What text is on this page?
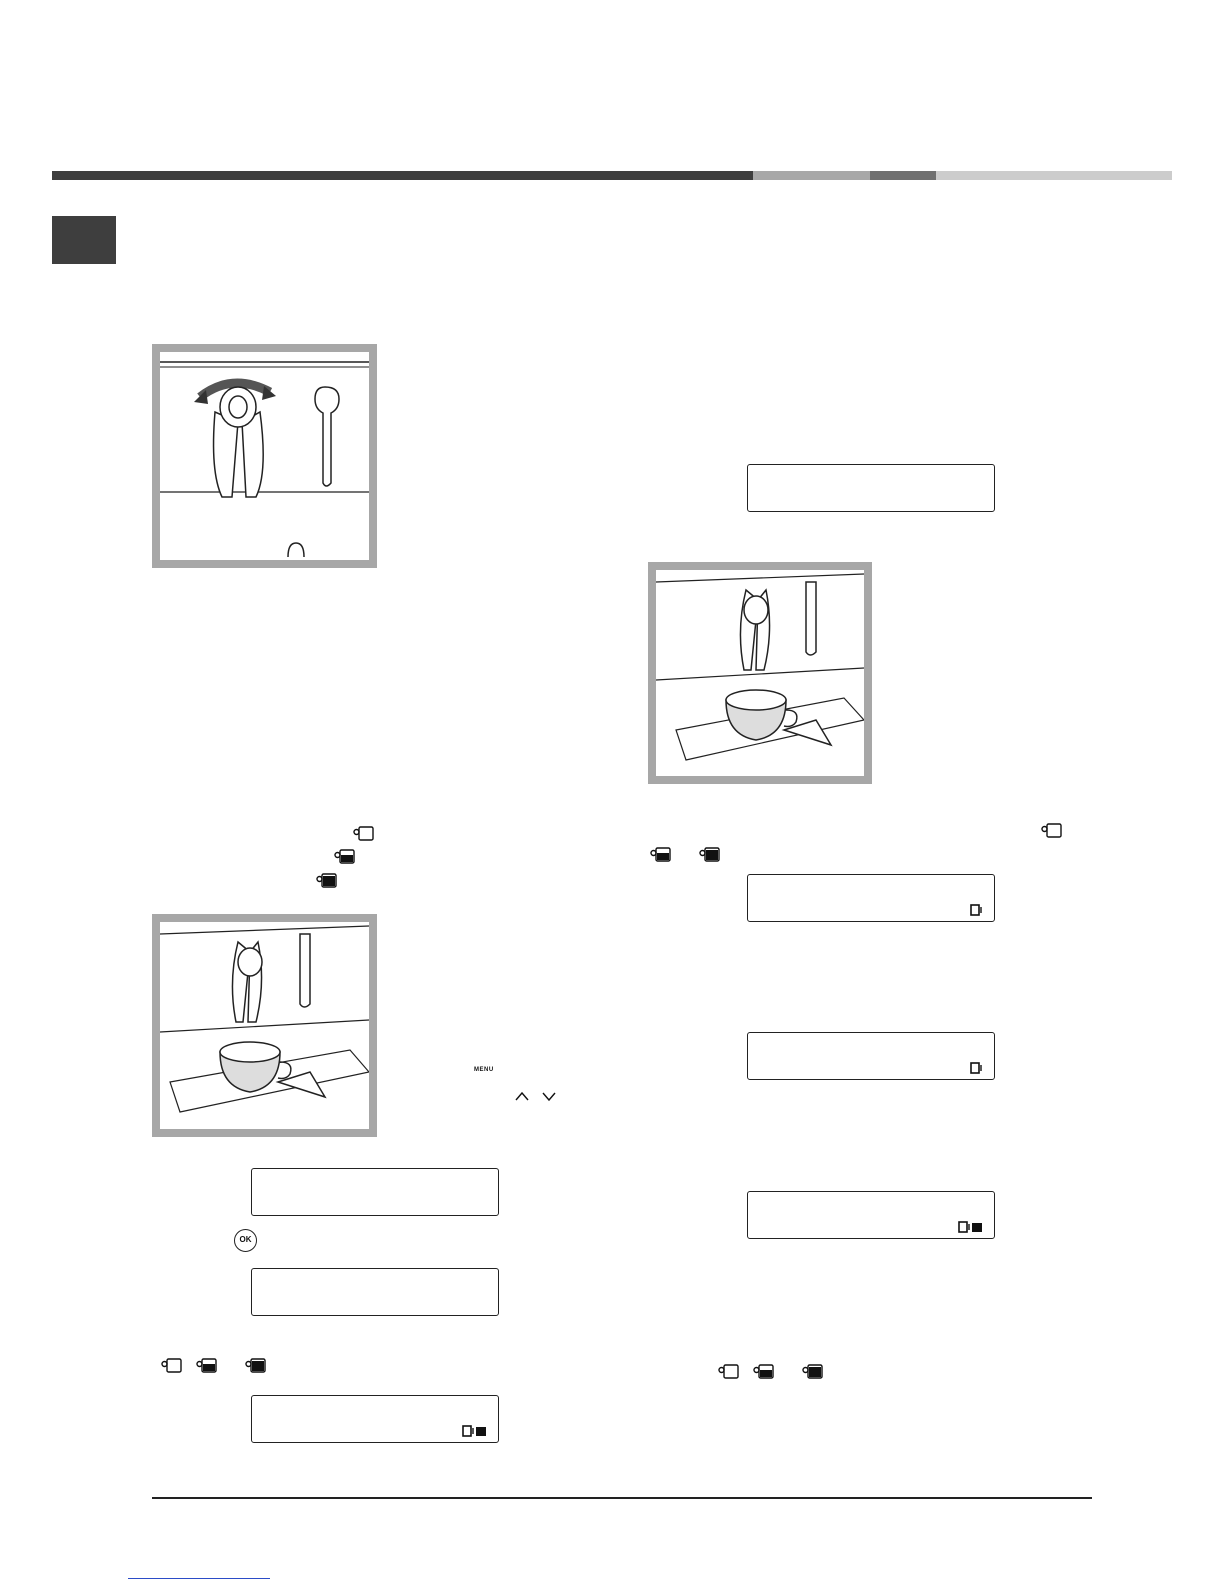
MENU
OK
